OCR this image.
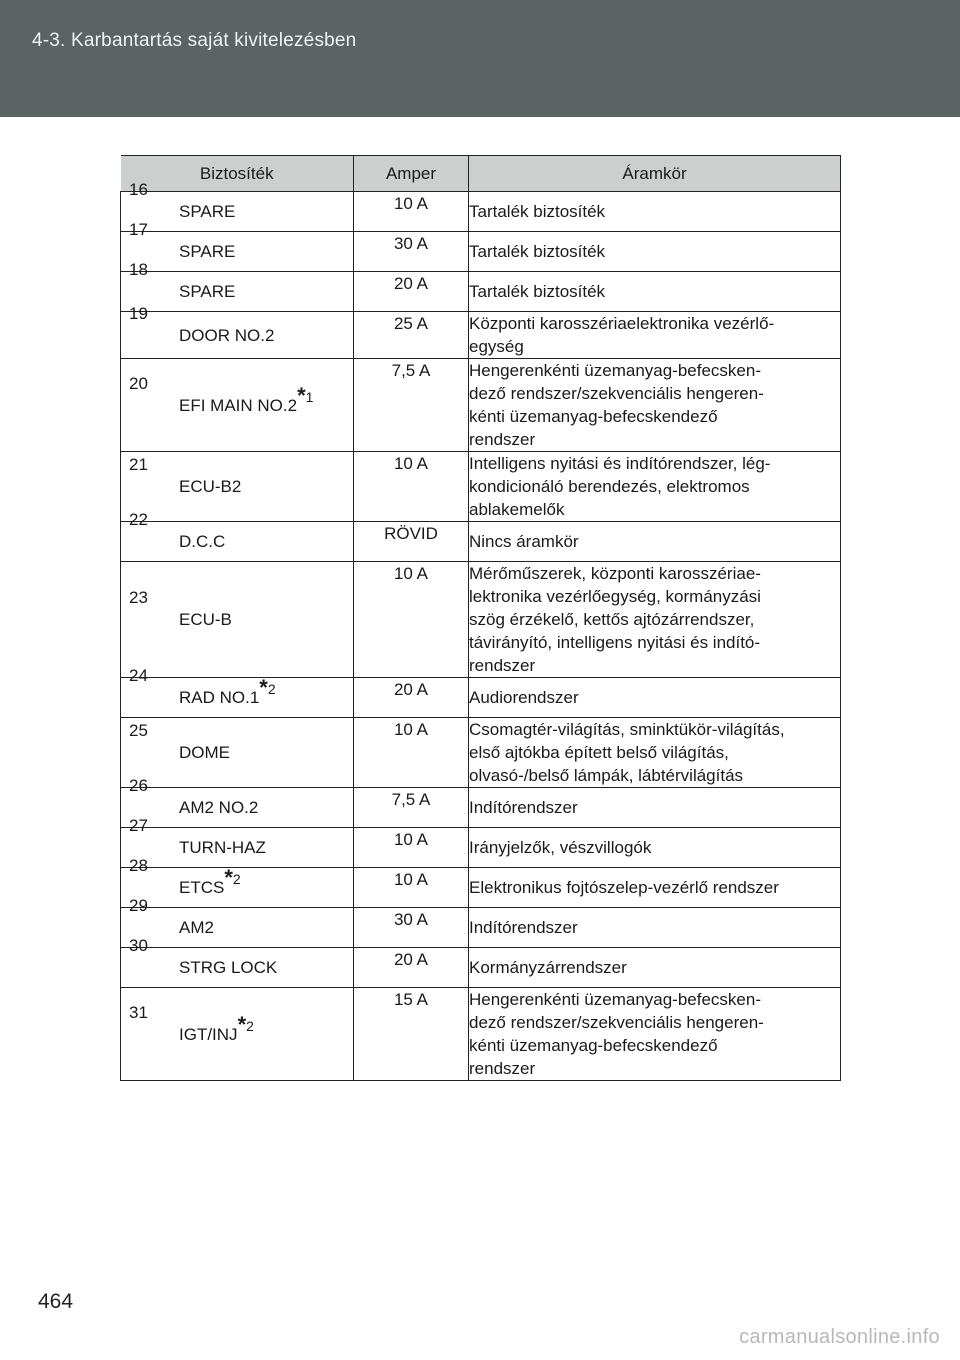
4-3. Karbantartás saját kivitelezésben
Biztosíték	Amper	Áramkör

16
SPARE	10 A	Tartalék biztosíték

17
SPARE	30 A	Tartalék biztosíték

18
SPARE	20 A	Tartalék biztosíték

19
DOOR NO.2	25 A	Központi karosszériaelektronika vezérlő-
egység

20
EFI MAIN NO.2$^{*1}$	7,5 A	Hengerenkénti üzemanyag-befecsken-
dező rendszer/szekvenciális hengeren-
kénti üzemanyag-befecskendező
rendszer

21
ECU-B2	10 A	Intelligens nyitási és indítórendszer, lég-
kondicionáló berendezés, elektromos
ablakemelők

22
D.C.C	RÖVID	Nincs áramkör

23
ECU-B	10 A	Mérőműszerek, központi karosszériae-
lektronika vezérlőegység, kormányzási
szög érzékelő, kettős ajtózárrendszer,
távirányító, intelligens nyitási és indító-
rendszer

24
RAD NO.1$^{*2}$	20 A	Audiorendszer

25
DOME	10 A	Csomagtér-világítás, sminktükör-világítás,
első ajtókba épített belső világítás,
olvasó-/belső lámpák, lábtérvilágítás

26
AM2 NO.2	7,5 A	Indítórendszer

27
TURN-HAZ	10 A	Irányjelzők, vészvillogók

28
ETCS$^{*2}$	10 A	Elektronikus fojtószelep-vezérlő rendszer

29
AM2	30 A	Indítórendszer

30
STRG LOCK	20 A	Kormányzárrendszer

31
IGT/INJ$^{*2}$	15 A	Hengerenkénti üzemanyag-befecsken-
dező rendszer/szekvenciális hengeren-
kénti üzemanyag-befecskendező
rendszer
464
carmanualsonline.info
